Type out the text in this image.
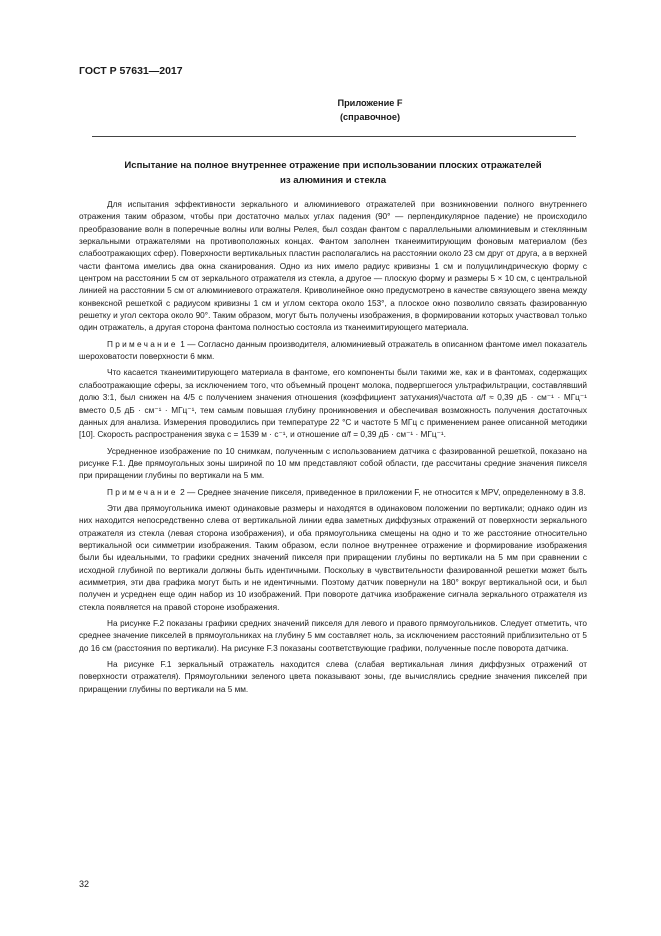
ГОСТ Р 57631—2017
Приложение F
(справочное)
Испытание на полное внутреннее отражение при использовании плоских отражателей
из алюминия и стекла

Для испытания эффективности зеркального и алюминиевого отражателей при возникновении полного внутреннего отражения таким образом, чтобы при достаточно малых углах падения (90° — перпендикулярное падение) не происходило преобразование волн в поперечные волны или волны Релея, был создан фантом с параллельными алюминиевым и стеклянным зеркальными отражателями на противоположных концах. Фантом заполнен тканеимитирующим фоновым материалом (без слабоотражающих сфер). Поверхности вертикальных пластин располагались на расстоянии около 23 см друг от друга, а в верхней части фантома имелись два окна сканирования. Одно из них имело радиус кривизны 1 см и полуцилиндрическую форму с центром на расстоянии 5 см от зеркального отражателя из стекла, а другое — плоскую форму и размеры 5 × 10 см, с центральной линией на расстоянии 5 см от алюминиевого отражателя. Криволинейное окно предусмотрено в качестве связующего звена между конвексной решеткой с радиусом кривизны 1 см и углом сектора около 153°, а плоское окно позволило связать фазированную решетку и угол сектора около 90°. Таким образом, могут быть получены изображения, в формировании которых участвовал только один отражатель, а другая сторона фантома полностью состояла из тканеимитирующего материала.

Примечание 1 — Согласно данным производителя, алюминиевый отражатель в описанном фантоме имел показатель шероховатости поверхности 6 мкм.

Что касается тканеимитирующего материала в фантоме, его компоненты были такими же, как и в фантомах, содержащих слабоотражающие сферы, за исключением того, что объемный процент молока, подвергшегося ультрафильтрации, составлявший долю 3:1, был снижен на 4/5 с получением значения отношения (коэффициент затухания)/частота α/f ≈ 0,39 дБ · см⁻¹ · МГц⁻¹ вместо 0,5 дБ · см⁻¹ · МГц⁻¹, тем самым повышая глубину проникновения и обеспечивая возможность получения достаточных данных для анализа. Измерения проводились при температуре 22 °С и частоте 5 МГц с применением ранее описанной методики [10]. Скорость распространения звука c = 1539 м · с⁻¹, и отношение α/f = 0,39 дБ · см⁻¹ · МГц⁻¹.

Усредненное изображение по 10 снимкам, полученным с использованием датчика с фазированной решеткой, показано на рисунке F.1. Две прямоугольных зоны шириной по 10 мм представляют собой области, где рассчитаны средние значения пикселя при приращении глубины по вертикали на 5 мм.

Примечание 2 — Среднее значение пикселя, приведенное в приложении F, не относится к MPV, определенному в 3.8.

Эти два прямоугольника имеют одинаковые размеры и находятся в одинаковом положении по вертикали; однако один из них находится непосредственно слева от вертикальной линии едва заметных диффузных отражений от поверхности зеркального отражателя из стекла (левая сторона изображения), и оба прямоугольника смещены на одно и то же расстояние относительно вертикальной оси симметрии изображения. Таким образом, если полное внутреннее отражение и формирование изображения были бы идеальными, то графики средних значений пикселя при приращении глубины по вертикали на 5 мм при сравнении с исходной глубиной по вертикали должны быть идентичными. Поскольку в чувствительности фазированной решетки может быть асимметрия, эти два графика могут быть и не идентичными. Поэтому датчик повернули на 180° вокруг вертикальной оси, и был получен и усреднен еще один набор из 10 изображений. При повороте датчика изображение сигнала зеркального отражателя из стекла появляется на правой стороне изображения.

На рисунке F.2 показаны графики средних значений пикселя для левого и правого прямоугольников. Следует отметить, что среднее значение пикселей в прямоугольниках на глубину 5 мм составляет ноль, за исключением расстояний приблизительно от 5 до 16 см (расстояния по вертикали). На рисунке F.3 показаны соответствующие графики, полученные после поворота датчика.

На рисунке F.1 зеркальный отражатель находится слева (слабая вертикальная линия диффузных отражений от поверхности отражателя). Прямоугольники зеленого цвета показывают зоны, где вычислялись средние значения пикселей при приращении глубины по вертикали на 5 мм.

32
